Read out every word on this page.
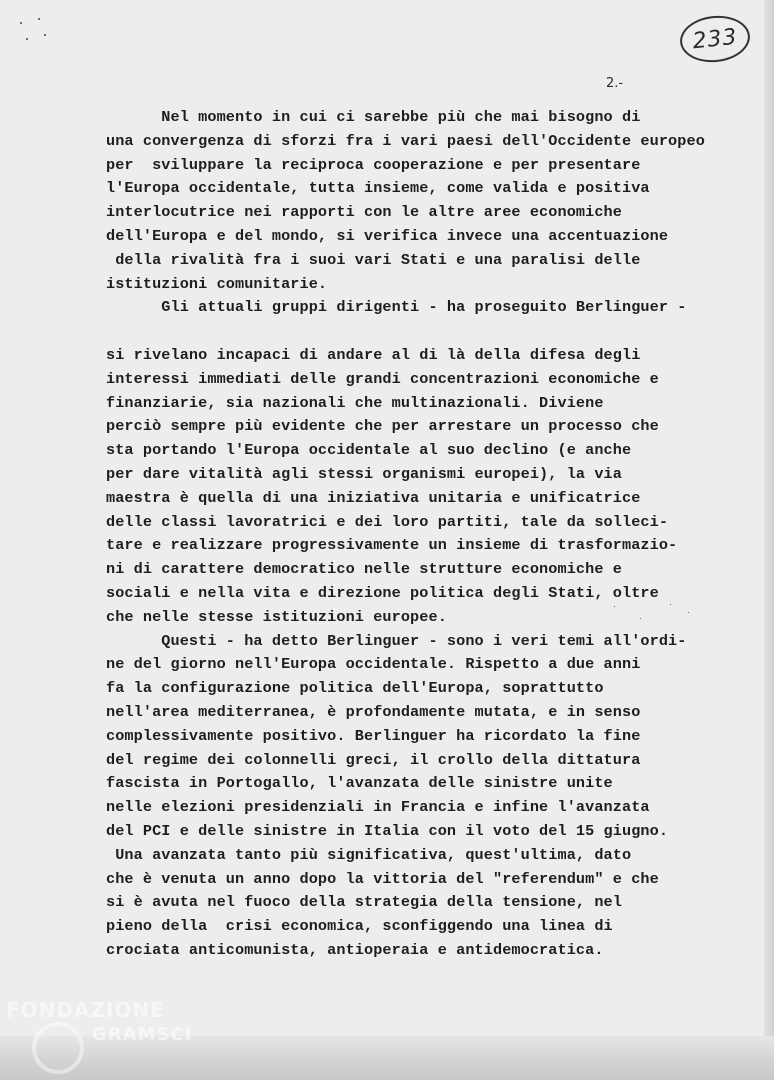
233
2.-
Nel momento in cui ci sarebbe più che mai bisogno di
una convergenza di sforzi fra i vari paesi dell'Occidente europeo
per  sviluppare la reciproca cooperazione e per presentare
l'Europa occidentale, tutta insieme, come valida e positiva
interlocutrice nei rapporti con le altre aree economiche
dell'Europa e del mondo, si verifica invece una accentuazione
della rivalità fra i suoi vari Stati e una paralisi delle
istituzioni comunitarie.
Gli attuali gruppi dirigenti - ha proseguito Berlinguer -
si rivelano incapaci di andare al di là della difesa degli
interessi immediati delle grandi concentrazioni economiche e
finanziarie, sia nazionali che multinazionali. Diviene
perciò sempre più evidente che per arrestare un processo che
sta portando l'Europa occidentale al suo declino (e anche
per dare vitalità agli stessi organismi europei), la via
maestra è quella di una iniziativa unitaria e unificatrice
delle classi lavoratrici e dei loro partiti, tale da solleci-
tare e realizzare progressivamente un insieme di trasformazio-
ni di carattere democratico nelle strutture economiche e
sociali e nella vita e direzione politica degli Stati, oltre
che nelle stesse istituzioni europee.
Questi - ha detto Berlinguer - sono i veri temi all'ordi-
ne del giorno nell'Europa occidentale. Rispetto a due anni
fa la configurazione politica dell'Europa, soprattutto
nell'area mediterranea, è profondamente mutata, e in senso
complessivamente positivo. Berlinguer ha ricordato la fine
del regime dei colonnelli greci, il crollo della dittatura
fascista in Portogallo, l'avanzata delle sinistre unite
nelle elezioni presidenziali in Francia e infine l'avanzata
del PCI e delle sinistre in Italia con il voto del 15 giugno.
Una avanzata tanto più significativa, quest'ultima, dato
che è venuta un anno dopo la vittoria del "referendum" e che
si è avuta nel fuoco della strategia della tensione, nel
pieno della  crisi economica, sconfiggendo una linea di
crociata anticomunista, antioperaia e antidemocratica.
FONDAZIONE
GRAMSCI
